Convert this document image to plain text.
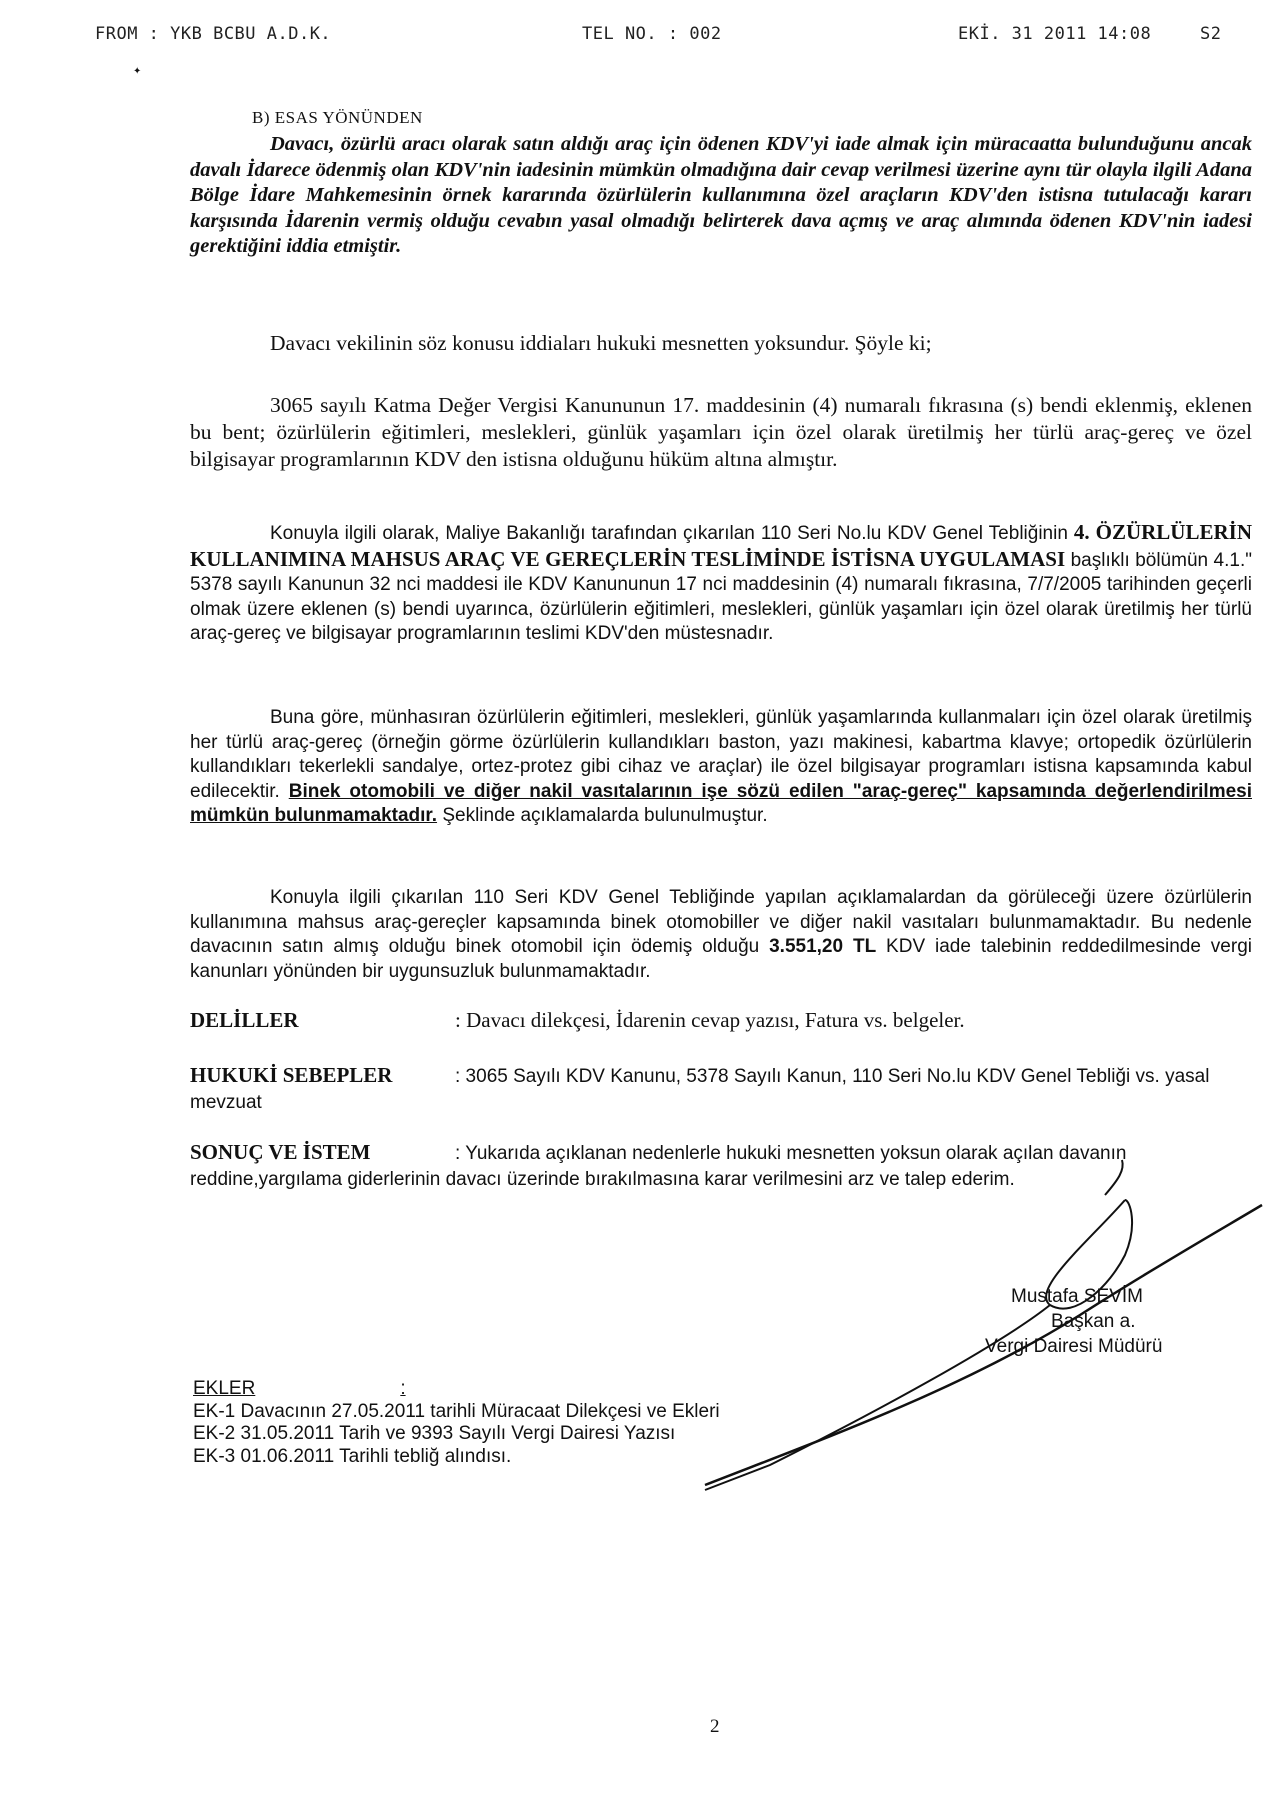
FROM : YKB BCBU A.D.K.	TEL NO. : 002	EKİ. 31 2011 14:08	S2
✦
B) ESAS YÖNÜNDEN
Davacı, özürlü aracı olarak satın aldığı araç için ödenen KDV'yi iade almak için müracaatta bulunduğunu ancak davalı İdarece ödenmiş olan KDV'nin iadesinin mümkün olmadığına dair cevap verilmesi üzerine aynı tür olayla ilgili Adana Bölge İdare Mahkemesinin örnek kararında özürlülerin kullanımına özel araçların KDV'den istisna tutulacağı kararı karşısında İdarenin vermiş olduğu cevabın yasal olmadığı belirterek dava açmış ve araç alımında ödenen KDV'nin iadesi gerektiğini iddia etmiştir.
Davacı vekilinin söz konusu iddiaları hukuki mesnetten yoksundur. Şöyle ki;
3065 sayılı Katma Değer Vergisi Kanununun 17. maddesinin (4) numaralı fıkrasına (s) bendi eklenmiş, eklenen bu bent; özürlülerin eğitimleri, meslekleri, günlük yaşamları için özel olarak üretilmiş her türlü araç-gereç ve özel bilgisayar programlarının KDV den istisna olduğunu hüküm altına almıştır.
Konuyla ilgili olarak, Maliye Bakanlığı tarafından çıkarılan 110 Seri No.lu KDV Genel Tebliğinin 4. ÖZÜRLÜLERİN KULLANIMINA MAHSUS ARAÇ VE GEREÇLERİN TESLİMİNDE İSTİSNA UYGULAMASI başlıklı bölümün 4.1." 5378 sayılı Kanunun 32 nci maddesi ile KDV Kanununun 17 nci maddesinin (4) numaralı fıkrasına, 7/7/2005 tarihinden geçerli olmak üzere eklenen (s) bendi uyarınca, özürlülerin eğitimleri, meslekleri, günlük yaşamları için özel olarak üretilmiş her türlü araç-gereç ve bilgisayar programlarının teslimi KDV'den müstesnadır.
Buna göre, münhasıran özürlülerin eğitimleri, meslekleri, günlük yaşamlarında kullanmaları için özel olarak üretilmiş her türlü araç-gereç (örneğin görme özürlülerin kullandıkları baston, yazı makinesi, kabartma klavye; ortopedik özürlülerin kullandıkları tekerlekli sandalye, ortez-protez gibi cihaz ve araçlar) ile özel bilgisayar programları istisna kapsamında kabul edilecektir. Binek otomobili ve diğer nakil vasıtalarının işe sözü edilen "araç-gereç" kapsamında değerlendirilmesi mümkün bulunmamaktadır. Şeklinde açıklamalarda bulunulmuştur.
Konuyla ilgili çıkarılan 110 Seri KDV Genel Tebliğinde yapılan açıklamalardan da görüleceği üzere özürlülerin kullanımına mahsus araç-gereçler kapsamında binek otomobiller ve diğer nakil vasıtaları bulunmamaktadır. Bu nedenle davacının satın almış olduğu binek otomobil için ödemiş olduğu 3.551,20 TL KDV iade talebinin reddedilmesinde vergi kanunları yönünden bir uygunsuzluk bulunmamaktadır.
DELİLLER	: Davacı dilekçesi, İdarenin cevap yazısı, Fatura vs. belgeler.
HUKUKİ SEBEPLER	: 3065 Sayılı KDV Kanunu, 5378 Sayılı Kanun, 110 Seri No.lu KDV Genel Tebliği vs. yasal mevzuat
SONUÇ VE İSTEM	: Yukarıda açıklanan nedenlerle hukuki mesnetten yoksun olarak açılan davanın reddine,yargılama giderlerinin davacı üzerinde bırakılmasına karar verilmesini arz ve talep ederim.
Mustafa SEVİM
Başkan a.
Vergi Dairesi Müdürü
EKLER	:
EK-1 Davacının 27.05.2011 tarihli Müracaat Dilekçesi ve Ekleri
EK-2 31.05.2011 Tarih ve 9393 Sayılı Vergi Dairesi Yazısı
EK-3 01.06.2011 Tarihli tebliğ alındısı.
2
